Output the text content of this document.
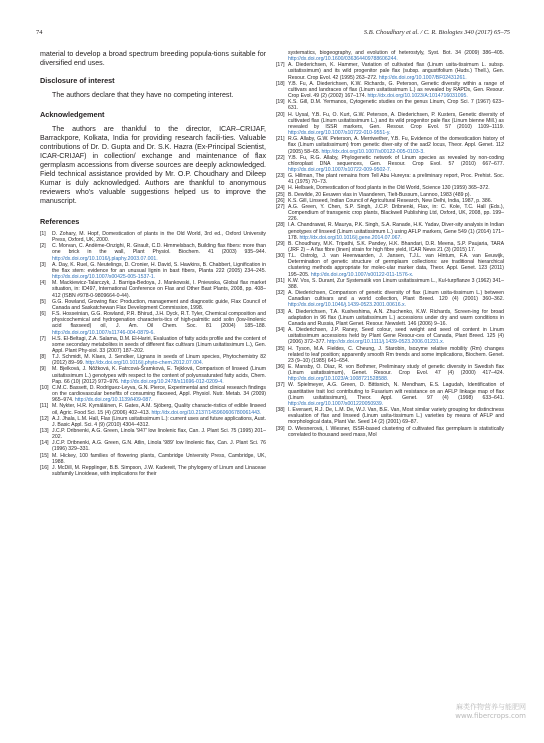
74	S.B. Choudhary et al. / C. R. Biologies 340 (2017) 65–75

material to develop a broad spectrum breeding popula-tions suitable for diversified end uses.

Disclosure of interest

The authors declare that they have no competing interest.

Acknowledgement

The authors are thankful to the director, ICAR–CRIJAF, Barrackpore, Kolkata, India for providing research facili-ties. Valuable contributions of Dr. D. Gupta and Dr. S.K. Hazra (Ex-Principal Scientist, ICAR-CRIJAF) in collection/ exchange and maintenance of flax germplasm accessions from diverse sources are deeply acknowledged. Field technical assistance provided by Mr. O.P. Choudhary and Dileep Kumar is duly acknowledged. Authors are thankful to anonymous reviewers who's valuable suggestions helped us to improve the manuscript.

References

[1] D. Zohary, M. Hopf, Domestication of plants in the Old World, 3rd ed., Oxford University Press, Oxford, UK, 2000.
[2] C. Morvan, C. Andème-Onzighi, R. Girault, C.D. Himmelsbach, Building flax fibers: more than one brick in the wall, Plant Physiol. Biochem. 41 (2003) 935–944. http://dx.doi.org/10.1016/j.plaphy.2003.07.001.
[3] A. Day, K. Ruel, G. Neutelings, D. Cronier, H. David, S. Hawkins, B. Chabbert, Lignification in the flax stem: evidence for an unusual lignin in bast fibers, Planta 222 (2005) 234–245. http://dx.doi.org/10.1007/s00425-005-1537-1.
[4] M. Mackiewicz-Talarczyk, J. Barriga-Bedoya, J. Mankowski, I. Pniewska, Global flax market situation, in: ID497, International Conference on Flax and Other Bast Plants, 2008, pp. 408–412 (ISBN #978-0-9809664-0-44).
[5] G.G. Rowland, Growing flax: Production, management and diagnostic guide, Flax Council of Canada and Saskatchewan Flax Development Commission, 1998.
[6] F.S. Hosseinian, G.G. Rowland, P.R. Bhirud, J.H. Dyck, R.T. Tyler, Chemical composition and physicochemical and hydrogenation characteris-tics of high-palmitic acid solin (low-linolenic acid flaxseed) oil, J. Am. Oil Chem. Soc. 81 (2004) 185–188. http://dx.doi.org/10.1007/s11746-004-0879-6.
[7] H.S. El-Beltagi, Z.A. Salama, D.M. El-Hariri, Evaluation of fatty acids profile and the content of some secondary metabolites in seeds of different flax cultivars (Linum usitatissimum L.), Gen. Appl. Plant Phy-siol. 33 (2007) 187–202.
[8] T.J. Schmidt, M. Klaes, J. Sendker, Lignans in seeds of Linum species, Phytochemistry 82 (2012) 89–99. http://dx.doi.org/10.1016/j.phyto-chem.2012.07.004.
[9] M. Bjelková, J. Nôžková, K. Fatrcová-Šramková, E. Tejklová, Comparison of linseed (Linum usitatissimum L.) genotypes with respect to the content of polyunsaturated fatty acids, Chem. Pap. 66 (10) (2012) 972–976. http://dx.doi.org/10.2478/s11696-012-0209-4.
[10] C.M.C. Bassett, D. Rodriguez-Leyva, G.N. Pierce, Experimental and clinical research findings on the cardiovascular benefits of consuming flaxseed, Appl. Physiol. Nutr. Metab. 34 (2009) 965–974. http://dx.doi.org/10.1139/H09-087.
[11] M. Nykter, H.R. Kymäläinen, F. Gates, A.M. Sjöberg, Quality characte-ristics of edible linseed oil, Agric. Food Sci. 15 (4) (2006) 402–413. http://dx.doi.org/10.2137/145960606780061443.
[12] A.J. Jhala, L.M. Hall, Flax (Linum usitatissimum L.): current uses and future applications, Aust. J. Basic Appl. Sci. 4 (9) (2010) 4304–4312.
[13] J.C.P. Dribnenki, A.G. Green, Linola '947' low linolenic flax, Can. J. Plant Sci. 75 (1995) 201–202.
[14] J.C.P. Dribnenki, A.G. Green, G.N. Atlin, Linola '989' low linolenic flax, Can. J. Plant Sci. 76 (1996) 329–331.
[15] M. Hickey, 100 families of flowering plants, Cambridge University Press, Cambridge, UK, 1988.
[16] J. McDill, M. Repplinger, B.B. Simpson, J.W. Kadereit, The phylogeny of Linum and Linaceae subfamily Linoideae, with implications for their
systematics, biogeography, and evolution of heterostyly, Syst. Bot. 34 (2009) 386–405. http://dx.doi.org/10.1600/036364409788606244.
[17] A. Diederichsen, K. Hammer, Variation of cultivated flax (Linum usita-tissimum L. subsp. usitatissimum) and its wild progenitor pale flax (subsp. angustifolium (Huds.) Thell.), Gen. Resour. Crop Evol. 42 (1995) 263–272. http://dx.doi.org/10.1007/BF02431261.
[18] Y.B. Fu, A. Diederichsen, K.W. Richards, G. Peterson, Genetic diversity within a range of cultivars and landraces of flax (Linum usitatissimum L.) as revealed by RAPDs, Gen. Resour. Crop Evol. 49 (2) (2002) 167–174. http://dx.doi.org/10.1023/A:1014716031095.
[19] K.S. Gill, D.M. Yermanos, Cytogenetic studies on the genus Linum, Crop Sci. 7 (1967) 623–631.
[20] H. Uysal, Y.B. Fu, O. Kurt, G.W. Peterson, A. Diederichsen, P. Kusters, Genetic diversity of cultivated flax (Linum usitatissimum L.) and its wild progenitor pale flax (Linum bienne Mill.) as revealed by ISSR markers, Gen. Resour. Crop Evol. 57 (2010) 1109–1119. http://dx.doi.org/10.1007/s10722-010-9551-y.
[21] R.G. Allaby, G.W. Peterson, A. Merriwether, Y.B. Fu, Evidence of the domestication history of flax (Linum usitatissimum) from genetic diver-sity of the sad2 locus, Theor. Appl. Genet. 112 (2005) 58–65. http://dx.doi.org/10.1007/s00122-005-0103-3.
[22] Y.B. Fu, R.G. Allaby, Phylogenetic network of Linum species as revealed by non-coding chloroplast DNA sequences, Gen. Resour. Crop Evol. 57 (2010) 667–677. http://dx.doi.org/10.1007/s10722-009-9502-7.
[23] G. Hillman, The plant remains from Tell Abu Hureyra: a preliminary report, Proc. Prehist. Soc. 41 (1975) 70–73.
[24] H. Helbaek, Domestication of food plants in the Old World, Science 130 (1959) 365–372.
[25] B. Dewilde, 20 Eeuwen vlas in Vlaanderen, Tielt-Bussum, Lannoo, 1983 (489 p).
[26] K.S. Gill, Linseed, Indian Council of Agricultural Research, New Delhi, India, 1987, p. 386.
[27] A.G. Green, Y. Chen, S.P. Singh, J.C.P. Dribnenki, Flax, in: C. Kole, T.C. Hall (Eds.), Compendium of transgenic crop plants, Blackwell Publishing Ltd, Oxford, UK, 2008, pp. 199–226.
[28] I.A. Chandrawat, R. Maurya, P.K. Singh, S.A. Ranade, H.K. Yadav, Diver-sity analysis in Indian genotypes of linseed (Linum usitatissimum L.) using AFLP markers, Gene 549 (1) (2014) 171–178. http://dx.doi.org/10.1016/j.gene.2014.07.067.
[29] B. Choudhary, M.K. Tripathi, S.K. Pandey, H.K. Bhandari, D.R. Meena, S.P. Paujaria, TARA (JRF 2) – A flax fibre (linen) strain for high fibre yield, ICAR News 21 (3) (2015) 17.
[30] T.L. Ostrolg, J. van Heerwaarden, J. Jansen, T.J.L. van Hintum, F.A. van Eeuwijk, Determination of genetic structure of germplasm collections: are traditional hierarchical clustering methods appropriate for molec-ular marker data, Theor. Appl. Genet. 123 (2011) 195–205. http://dx.doi.org/10.1007/s00122-011-1576-x.
[31] K.W. Vos, S. Durant, Zur Systematik von Linum usitatissimum L., Kul-turpflanze 3 (1962) 341–388.
[32] A. Diederichsen, Comparison of genetic diversity of flax (Linum usita-tissimum L.) between Canadian cultivars and a world collection, Plant Breed. 120 (4) (2001) 360–362. http://dx.doi.org/10.1046/j.1439-0523.2001.00616.x.
[33] A. Diederichsen, T.A. Kusheshima, A.N. Zhuchenko, K.W. Richards, Screen-ing for broad adaptation in 96 flax (Linum usitatissimum L.) accessions under dry and warm conditions in Canada and Russia, Plant Genet. Resour. Newslett. 146 (2006) 9–16.
[34] A. Diederichsen, J.P. Raney, Seed colour, seed weight and seed oil content in Linum usitatissimum accessions held by Plant Gene Resour-ces of Canada, Plant Breed. 125 (4) (2006) 372–377. http://dx.doi.org/10.1111/j.1439-0523.2006.01231.x.
[35] H. Tyson, M.A. Fieldes, C. Cheung, J. Starobin, Isozyme relative mobility (Rm) changes related to leaf position; apparently smooth Rm trends and some implications, Biochem. Genet. 23 (9–10) (1985) 641–654.
[36] E. Mansby, O. Díaz, R. von Bothmer, Preliminary study of genetic diversity in Swedish flax (Linum usitatissimum), Genet. Resour. Crop Evol. 47 (4) (2000) 417–424. http://dx.doi.org/10.1023/A:1008721528588.
[37] W. Spielmeyer, A.G. Green, D. Bittisnich, N. Mendham, E.S. Lagudah, Identification of quantitative trait loci contributing to Fusarium wilt resistance on an AFLP linkage map of flax (Linum usitatissimum), Theor. Appl. Genet. 97 (4) (1998) 633–641. http://dx.doi.org/10.1007/s001220050939.
[38] I. Everaert, R.J. De, L.M. De, W.J. Van, B.E. Van, Most similar variety grouping for distinctness evaluation of flax and linseed (Linum usita-tissimum L.) varieties by means of AFLP and morphological data, Plant Var. Seed 14 (2) (2001) 69–87.
[39] D. Wiesnerová, I. Wiesner, ISSR-based clustering of cultivated flax germplasm is statistically correlated to thousand seed mass, Mol
麻类作物营养与能肥网
www.fibercrops.com
